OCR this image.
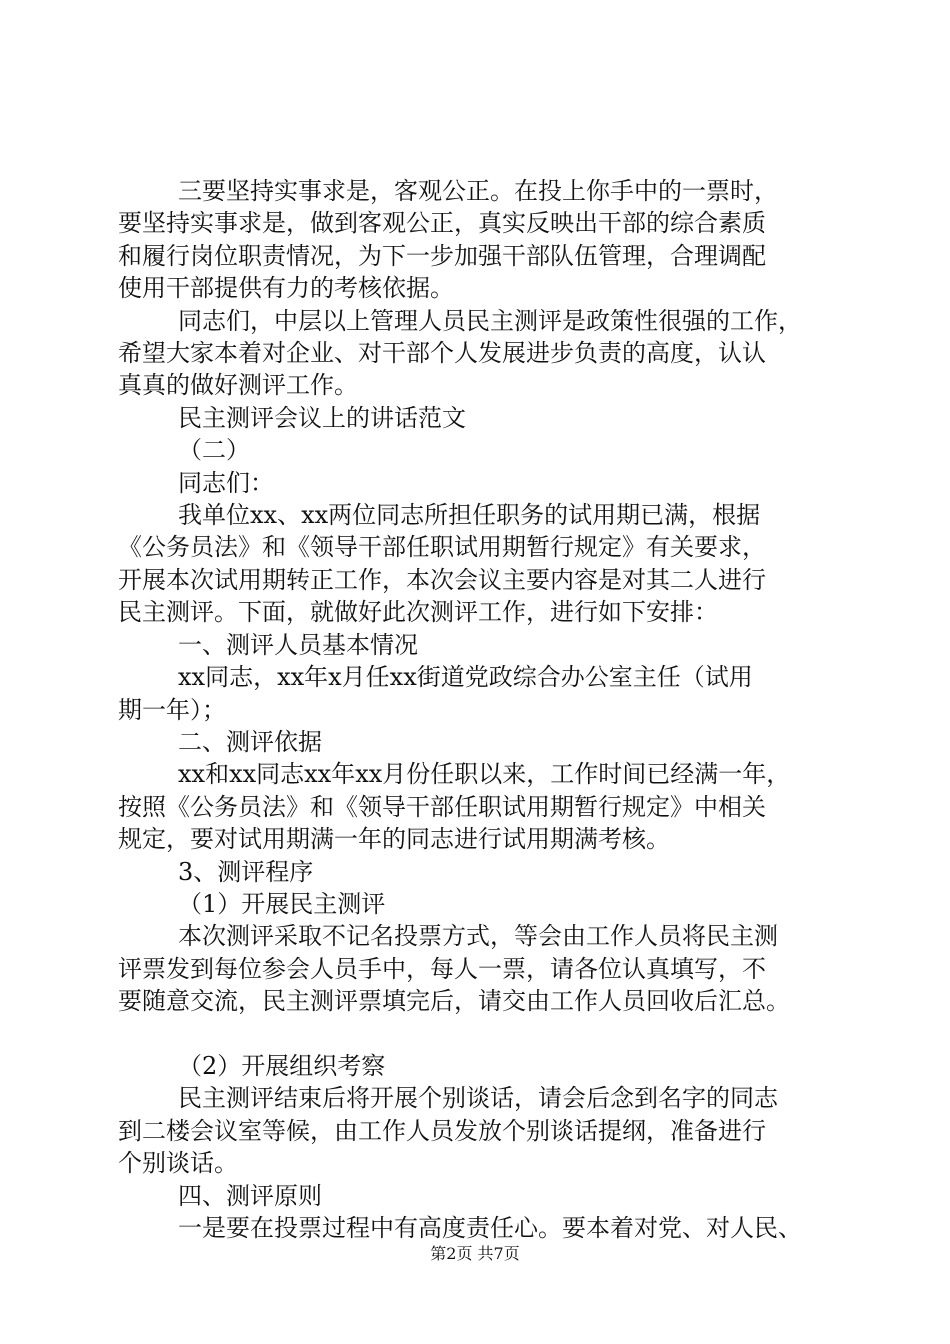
三要坚持实事求是，客观公正。在投上你手中的一票时，

要坚持实事求是，做到客观公正，真实反映出干部的综合素质

和履行岗位职责情况，为下一步加强干部队伍管理，合理调配

使用干部提供有力的考核依据。

同志们，中层以上管理人员民主测评是政策性很强的工作，

希望大家本着对企业、对干部个人发展进步负责的高度，认认

真真的做好测评工作。

民主测评会议上的讲话范文

（二）

同志们：

我单位xx、xx两位同志所担任职务的试用期已满，根据

《公务员法》和《领导干部任职试用期暂行规定》有关要求，

开展本次试用期转正工作，本次会议主要内容是对其二人进行

民主测评。下面，就做好此次测评工作，进行如下安排：

一、测评人员基本情况

xx同志，xx年x月任xx街道党政综合办公室主任（试用

期一年）；

二、测评依据

xx和xx同志xx年xx月份任职以来，工作时间已经满一年，

按照《公务员法》和《领导干部任职试用期暂行规定》中相关

规定，要对试用期满一年的同志进行试用期满考核。

3、测评程序

（1）开展民主测评

本次测评采取不记名投票方式，等会由工作人员将民主测

评票发到每位参会人员手中，每人一票，请各位认真填写，不

要随意交流，民主测评票填完后，请交由工作人员回收后汇总。

（2）开展组织考察

民主测评结束后将开展个别谈话，请会后念到名字的同志

到二楼会议室等候，由工作人员发放个别谈话提纲，准备进行

个别谈话。

四、测评原则

一是要在投票过程中有高度责任心。要本着对党、对人民、

第2页 共7页
